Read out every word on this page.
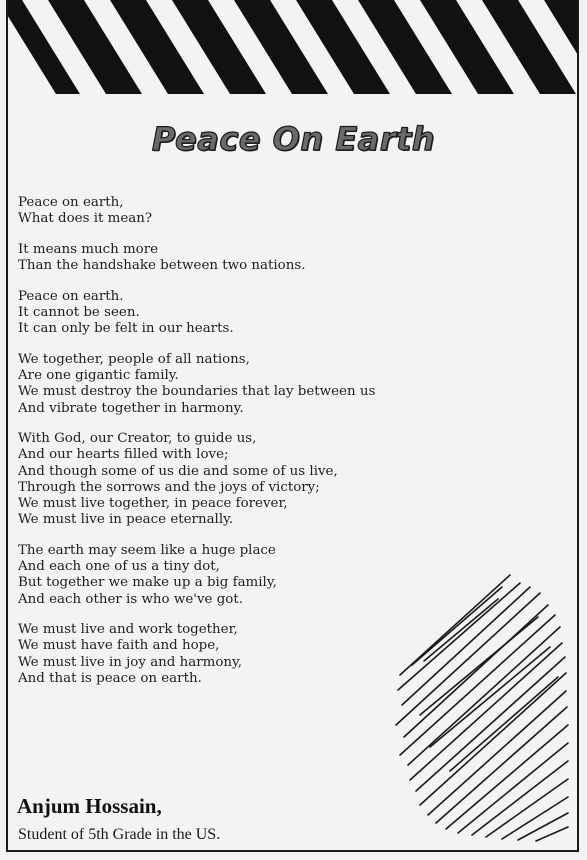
Peace On Earth
Peace on earth,
What does it mean?
It means much more
Than the handshake between two nations.
Peace on earth.
It cannot be seen.
It can only be felt in our hearts.
We together, people of all nations,
Are one gigantic family.
We must destroy the boundaries that lay between us
And vibrate together in harmony.
With God, our Creator, to guide us,
And our hearts filled with love;
And though some of us die and some of us live,
Through the sorrows and the joys of victory;
We must live together, in peace forever,
We must live in peace eternally.
The earth may seem like a huge place
And each one of us a tiny dot,
But together we make up a big family,
And each other is who we've got.
We must live and work together,
We must have faith and hope,
We must live in joy and harmony,
And that is peace on earth.
Anjum Hossain,
Student of 5th Grade in the US.
